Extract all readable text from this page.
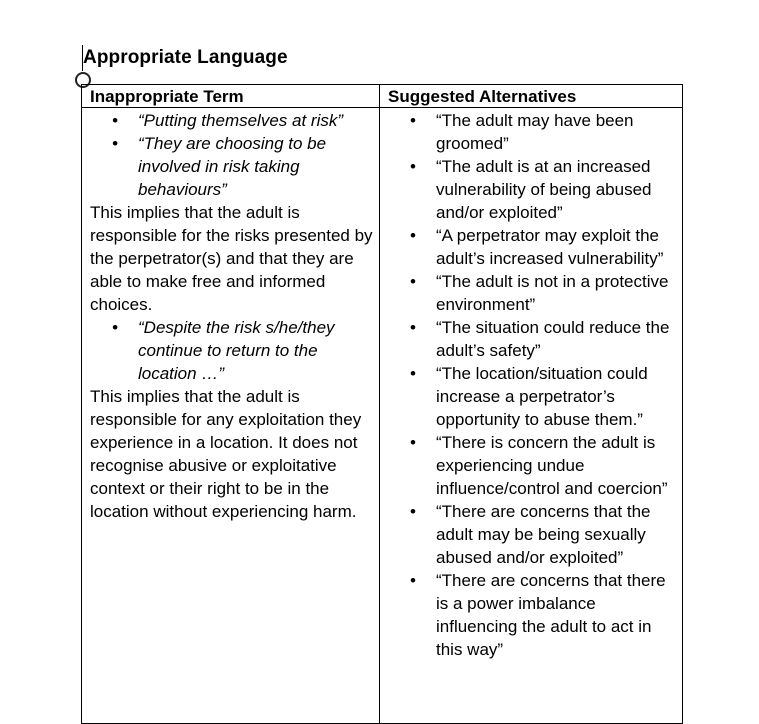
Appropriate Language
Inappropriate Term	Suggested Alternatives
• “Putting themselves at risk”
• “They are choosing to be involved in risk taking behaviours”

This implies that the adult is responsible for the risks presented by the perpetrator(s) and that they are able to make free and informed choices.

• “Despite the risk s/he/they continue to return to the location …”

This implies that the adult is responsible for any exploitation they experience in a location. It does not recognise abusive or exploitative context or their right to be in the location without experiencing harm.

• “The adult may have been groomed”
• “The adult is at an increased vulnerability of being abused and/or exploited”
• “A perpetrator may exploit the adult’s increased vulnerability”
• “The adult is not in a protective environment”
• “The situation could reduce the adult’s safety”
• “The location/situation could increase a perpetrator’s opportunity to abuse them.”
• “There is concern the adult is experiencing undue influence/control and coercion”
• “There are concerns that the adult may be being sexually abused and/or exploited”
• “There are concerns that there is a power imbalance influencing the adult to act in this way”
